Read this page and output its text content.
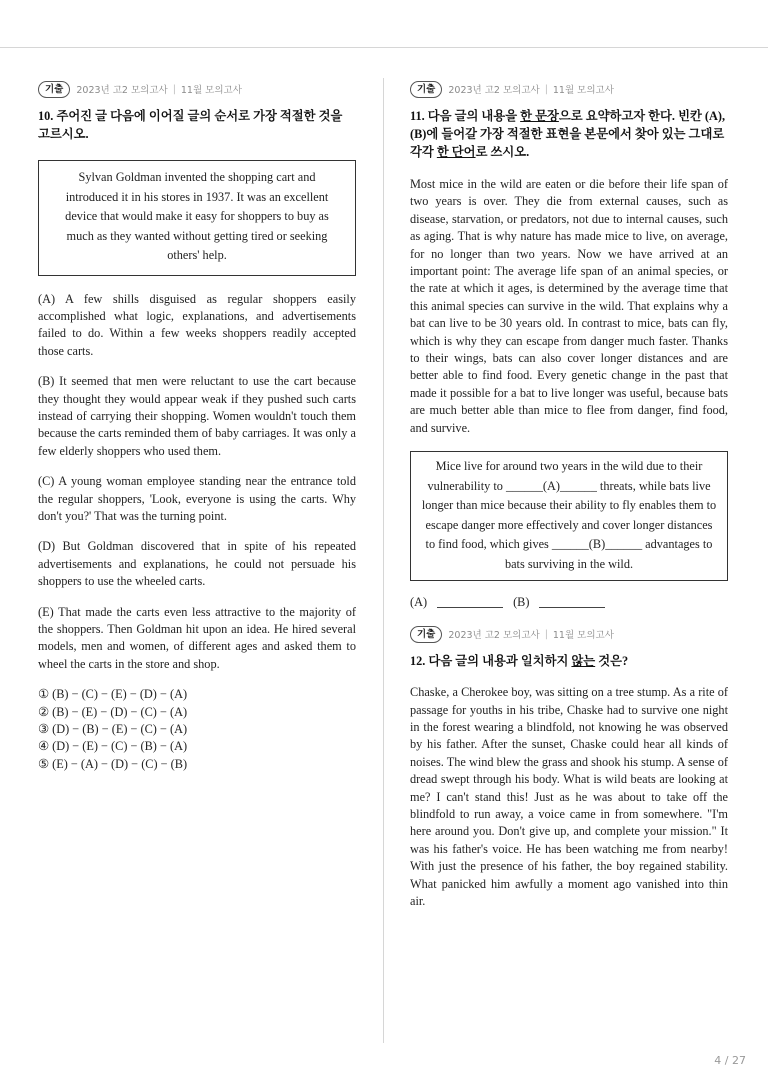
기출	2023년 고2 모의고사 | 11월 모의고사
10. 주어진 글 다음에 이어질 글의 순서로 가장 적절한 것을 고르시오.
Sylvan Goldman invented the shopping cart and introduced it in his stores in 1937. It was an excellent device that would make it easy for shoppers to buy as much as they wanted without getting tired or seeking others' help.

(A) A few shills disguised as regular shoppers easily accomplished what logic, explanations, and advertisements failed to do. Within a few weeks shoppers readily accepted those carts.

(B) It seemed that men were reluctant to use the cart because they thought they would appear weak if they pushed such carts instead of carrying their shopping. Women wouldn't touch them because the carts reminded them of baby carriages. It was only a few elderly shoppers who used them.

(C) A young woman employee standing near the entrance told the regular shoppers, 'Look, everyone is using the carts. Why don't you?' That was the turning point.

(D) But Goldman discovered that in spite of his repeated advertisements and explanations, he could not persuade his shoppers to use the wheeled carts.

(E) That made the carts even less attractive to the majority of the shoppers. Then Goldman hit upon an idea. He hired several models, men and women, of different ages and asked them to wheel the carts in the store and shop.

① (B) − (C) − (E) − (D) − (A)
② (B) − (E) − (D) − (C) − (A)
③ (D) − (B) − (E) − (C) − (A)
④ (D) − (E) − (C) − (B) − (A)
⑤ (E) − (A) − (D) − (C) − (B)
기출	2023년 고2 모의고사 | 11월 모의고사
11. 다음 글의 내용을 한 문장으로 요약하고자 한다. 빈칸 (A), (B)에 들어갈 가장 적절한 표현을 본문에서 찾아 있는 그대로 각각 한 단어로 쓰시오.

Most mice in the wild are eaten or die before their life span of two years is over. They die from external causes, such as disease, starvation, or predators, not due to internal causes, such as aging. That is why nature has made mice to live, on average, for no longer than two years. Now we have arrived at an important point: The average life span of an animal species, or the rate at which it ages, is determined by the average time that this animal species can survive in the wild. That explains why a bat can live to be 30 years old. In contrast to mice, bats can fly, which is why they can escape from danger much faster. Thanks to their wings, bats can also cover longer distances and are better able to find food. Every genetic change in the past that made it possible for a bat to live longer was useful, because bats are much better able than mice to flee from danger, find food, and survive.

Mice live for around two years in the wild due to their vulnerability to ______(A)______ threats, while bats live longer than mice because their ability to fly enables them to escape danger more effectively and cover longer distances to find food, which gives ______(B)______ advantages to bats surviving in the wild.
(A)	(B)
기출	2023년 고2 모의고사 | 11월 모의고사
12. 다음 글의 내용과 일치하지 않는 것은?

Chaske, a Cherokee boy, was sitting on a tree stump. As a rite of passage for youths in his tribe, Chaske had to survive one night in the forest wearing a blindfold, not knowing he was observed by his father. After the sunset, Chaske could hear all kinds of noises. The wind blew the grass and shook his stump. A sense of dread swept through his body. What is wild beats are looking at me? I can't stand this! Just as he was about to take off the blindfold to run away, a voice came in from somewhere. "I'm here around you. Don't give up, and complete your mission." It was his father's voice. He has been watching me from nearby! With just the presence of his father, the boy regained stability. What panicked him awfully a moment ago vanished into thin air.

4 / 27
